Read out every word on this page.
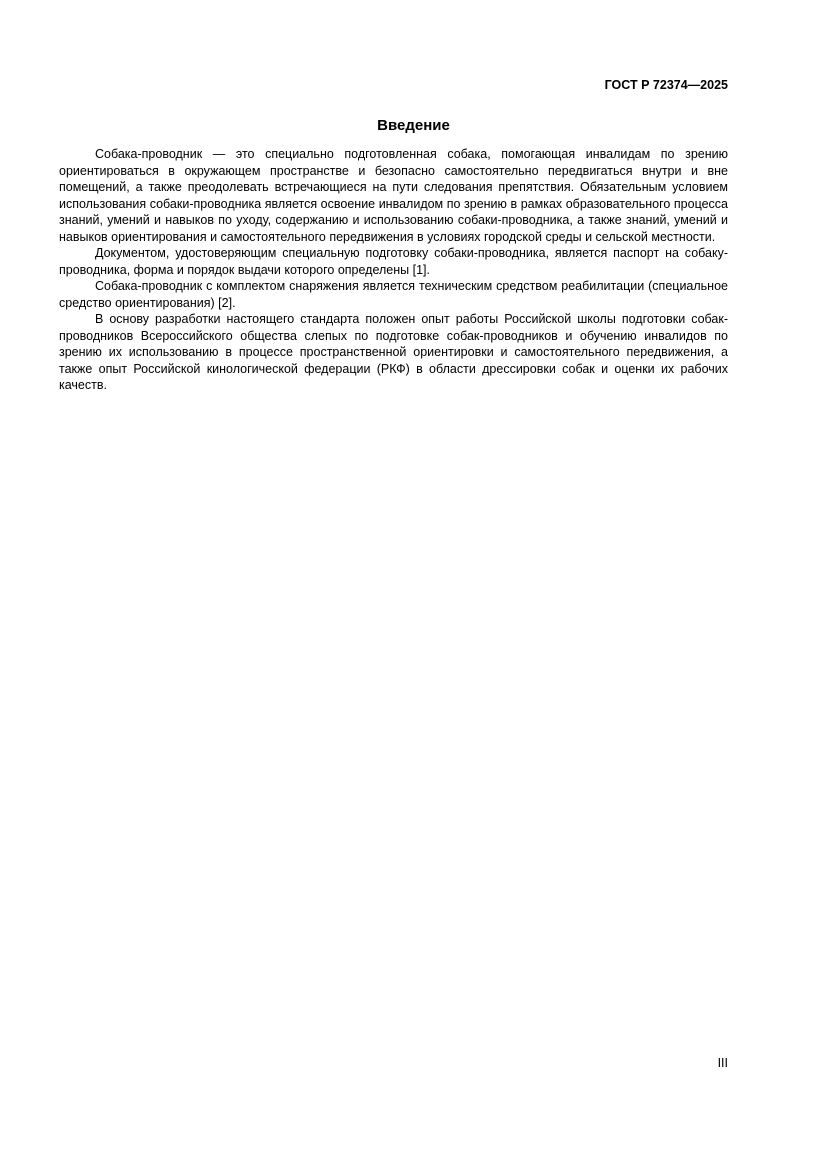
ГОСТ Р 72374—2025
Введение

Собака-проводник — это специально подготовленная собака, помогающая инвалидам по зрению ориентироваться в окружающем пространстве и безопасно самостоятельно передвигаться внутри и вне помещений, а также преодолевать встречающиеся на пути следования препятствия. Обязательным условием использования собаки-проводника является освоение инвалидом по зрению в рамках образовательного процесса знаний, умений и навыков по уходу, содержанию и использованию собаки-проводника, а также знаний, умений и навыков ориентирования и самостоятельного передвижения в условиях городской среды и сельской местности.

Документом, удостоверяющим специальную подготовку собаки-проводника, является паспорт на собаку-проводника, форма и порядок выдачи которого определены [1].

Собака-проводник с комплектом снаряжения является техническим средством реабилитации (специальное средство ориентирования) [2].

В основу разработки настоящего стандарта положен опыт работы Российской школы подготовки собак-проводников Всероссийского общества слепых по подготовке собак-проводников и обучению инвалидов по зрению их использованию в процессе пространственной ориентировки и самостоятельного передвижения, а также опыт Российской кинологической федерации (РКФ) в области дрессировки собак и оценки их рабочих качеств.

III
